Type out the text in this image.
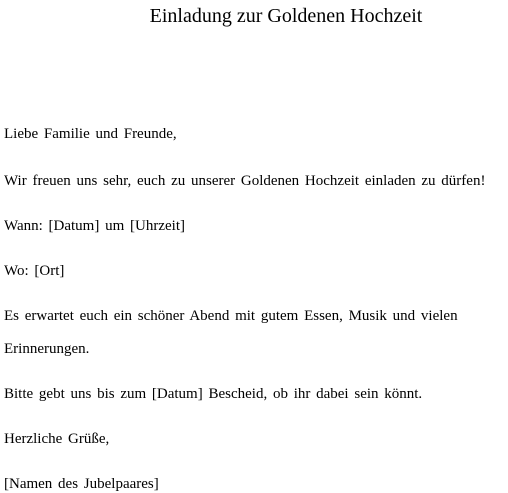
Einladung zur Goldenen Hochzeit

Liebe Familie und Freunde,

Wir freuen uns sehr, euch zu unserer Goldenen Hochzeit einladen zu dürfen!

Wann: [Datum] um [Uhrzeit]

Wo: [Ort]

Es erwartet euch ein schöner Abend mit gutem Essen, Musik und vielen

Erinnerungen.

Bitte gebt uns bis zum [Datum] Bescheid, ob ihr dabei sein könnt.

Herzliche Grüße,

[Namen des Jubelpaares]
